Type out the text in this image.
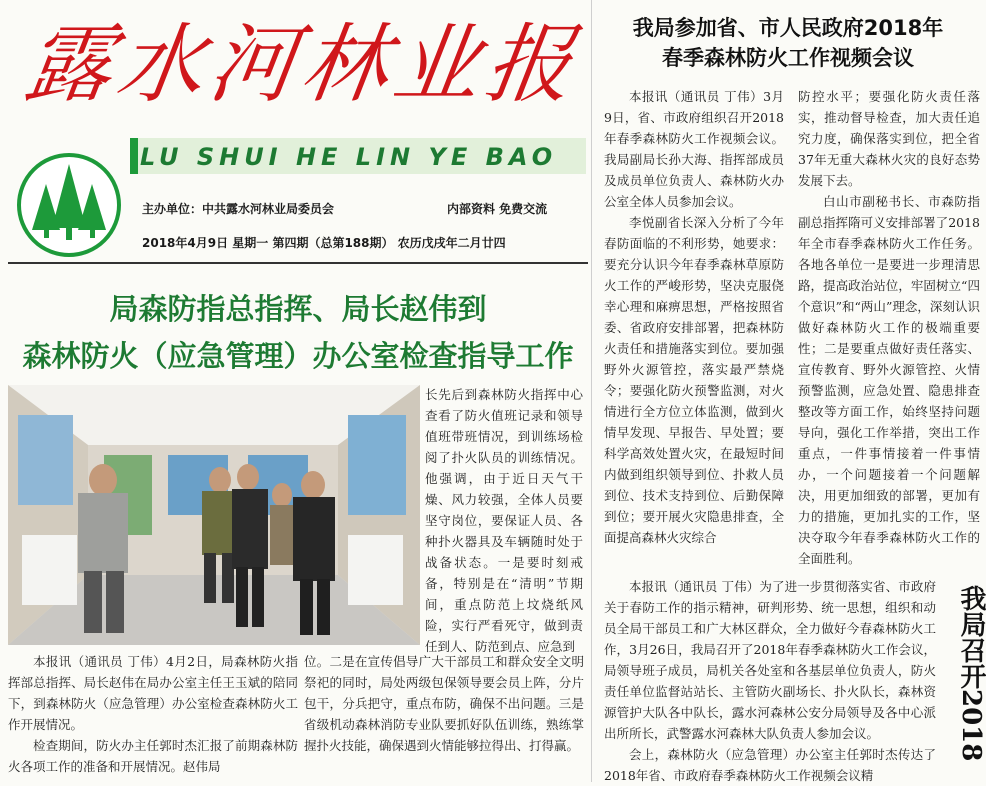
露水河林业报
LU SHUI HE LIN YE BAO
主办单位：中共露水河林业局委员会	内部资料 免费交流
2018年4月9日 星期一 第四期（总第188期） 农历戊戌年二月廿四
局森防指总指挥、局长赵伟到
森林防火（应急管理）办公室检查指导工作

长先后到森林防火指挥中心查看了防火值班记录和领导值班带班情况，到训练场检阅了扑火队员的训练情况。他强调，由于近日天气干燥、风力较强，全体人员要坚守岗位，要保证人员、各种扑火器具及车辆随时处于战备状态。一是要时刻戒备，特别是在“清明”节期间，重点防范上坟烧纸风险，实行严看死守，做到责任到人、防范到点、应急到

本报讯（通讯员 丁伟）4月2日，局森林防火指挥部总指挥、局长赵伟在局办公室主任王玉斌的陪同下，到森林防火（应急管理）办公室检查森林防火工作开展情况。

检查期间，防火办主任郭时杰汇报了前期森林防火各项工作的准备和开展情况。赵伟局

位。二是在宣传倡导广大干部员工和群众安全文明祭祀的同时，局处两级包保领导要会员上阵，分片包干，分兵把守，重点布防，确保不出问题。三是省级机动森林消防专业队要抓好队伍训练，熟练掌握扑火技能，确保遇到火情能够拉得出、打得赢。

我局参加省、市人民政府2018年
春季森林防火工作视频会议

本报讯（通讯员 丁伟）3月9日，省、市政府组织召开2018年春季森林防火工作视频会议。我局副局长孙大海、指挥部成员及成员单位负责人、森林防火办公室全体人员参加会议。

李悦副省长深入分析了今年春防面临的不利形势，她要求：要充分认识今年春季森林草原防火工作的严峻形势，坚决克服侥幸心理和麻痹思想，严格按照省委、省政府安排部署，把森林防火责任和措施落实到位。要加强野外火源管控，落实最严禁烧令；要强化防火预警监测，对火情进行全方位立体监测，做到火情早发现、早报告、早处置；要科学高效处置火灾，在最短时间内做到组织领导到位、扑救人员到位、技术支持到位、后勤保障到位；要开展火灾隐患排查，全面提高森林火灾综合

防控水平；要强化防火责任落实，推动督导检查，加大责任追究力度，确保落实到位，把全省37年无重大森林火灾的良好态势发展下去。

白山市副秘书长、市森防指副总指挥隋可义安排部署了2018年全市春季森林防火工作任务。各地各单位一是要进一步理清思路，提高政治站位，牢固树立“四个意识”和“两山”理念，深刻认识做好森林防火工作的极端重要性；二是要重点做好责任落实、宣传教育、野外火源管控、火情预警监测，应急处置、隐患排查整改等方面工作，始终坚持问题导向，强化工作举措，突出工作重点，一件事情接着一件事情办，一个问题接着一个问题解决，用更加细致的部署，更加有力的措施，更加扎实的工作，坚决夺取今年春季森林防火工作的全面胜利。

本报讯（通讯员 丁伟）为了进一步贯彻落实省、市政府关于春防工作的指示精神，研判形势、统一思想，组织和动员全局干部员工和广大林区群众，全力做好今春森林防火工作，3月26日，我局召开了2018年春季森林防火工作会议，局领导班子成员，局机关各处室和各基层单位负责人，防火责任单位监督站站长、主管防火副场长、扑火队长，森林资源管护大队各中队长，露水河森林公安分局领导及各中心派出所所长，武警露水河森林大队负责人参加会议。

会上，森林防火（应急管理）办公室主任郭时杰传达了2018年省、市政府春季森林防火工作视频会议精

我局召开2018
